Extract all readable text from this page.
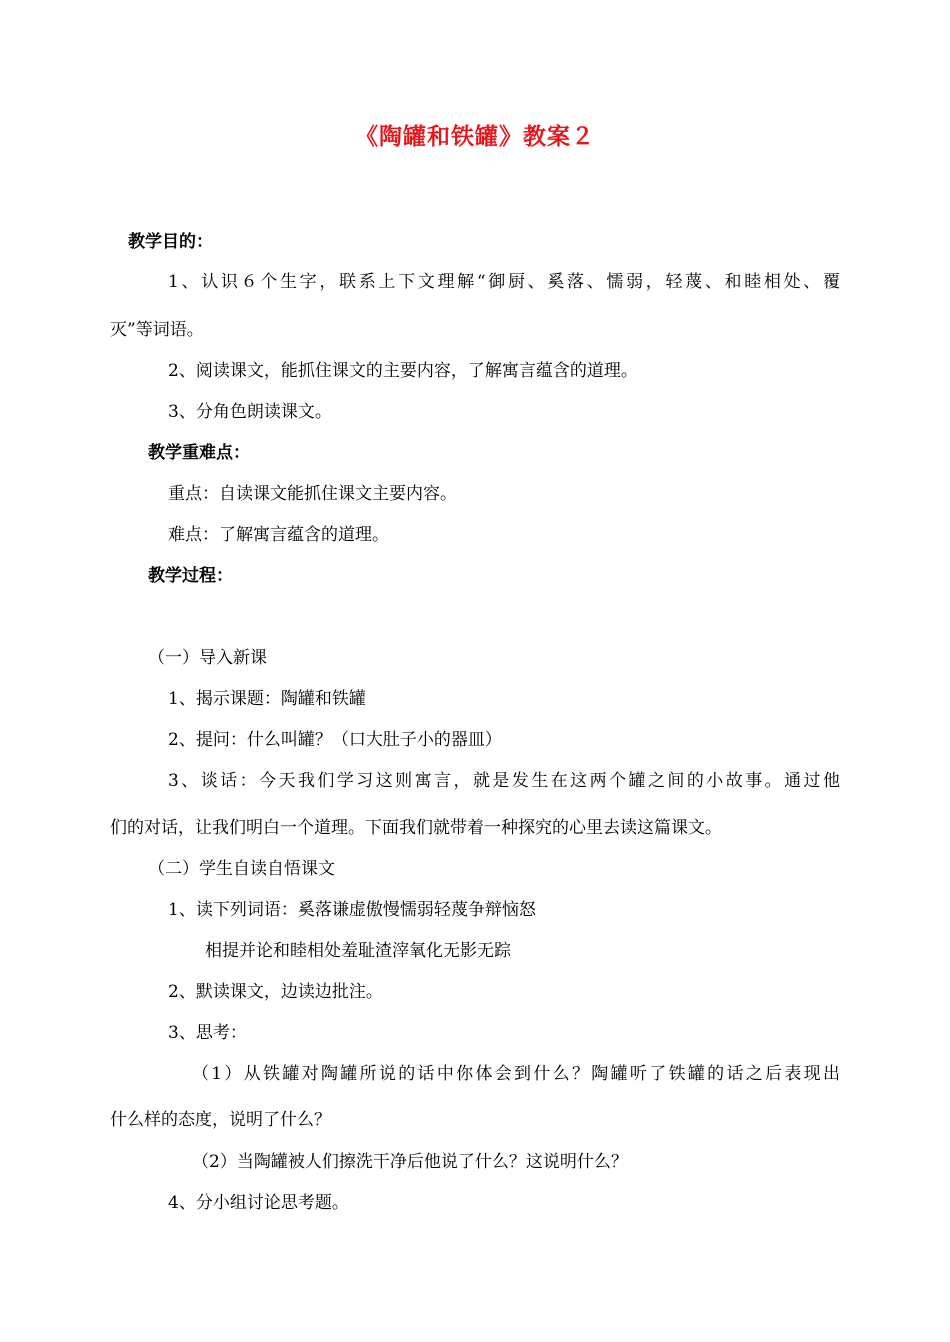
《陶罐和铁罐》教案２
教学目的：
1、认识６个生字，联系上下文理解“御厨、奚落、懦弱，轻蔑、和睦相处、覆
灭”等词语。
2、阅读课文，能抓住课文的主要内容，了解寓言蕴含的道理。
3、分角色朗读课文。
教学重难点：
重点：自读课文能抓住课文主要内容。
难点：了解寓言蕴含的道理。
教学过程：
（一）导入新课
1、揭示课题：陶罐和铁罐
2、提问：什么叫罐？（口大肚子小的器皿）
3、谈话：今天我们学习这则寓言，就是发生在这两个罐之间的小故事。通过他
们的对话，让我们明白一个道理。下面我们就带着一种探究的心里去读这篇课文。
（二）学生自读自悟课文
1、读下列词语：奚落谦虚傲慢懦弱轻蔑争辩恼怒
相提并论和睦相处羞耻渣滓氧化无影无踪
2、默读课文，边读边批注。
3、思考：
（1）从铁罐对陶罐所说的话中你体会到什么？陶罐听了铁罐的话之后表现出
什么样的态度，说明了什么？
（2）当陶罐被人们擦洗干净后他说了什么？这说明什么？
4、分小组讨论思考题。
